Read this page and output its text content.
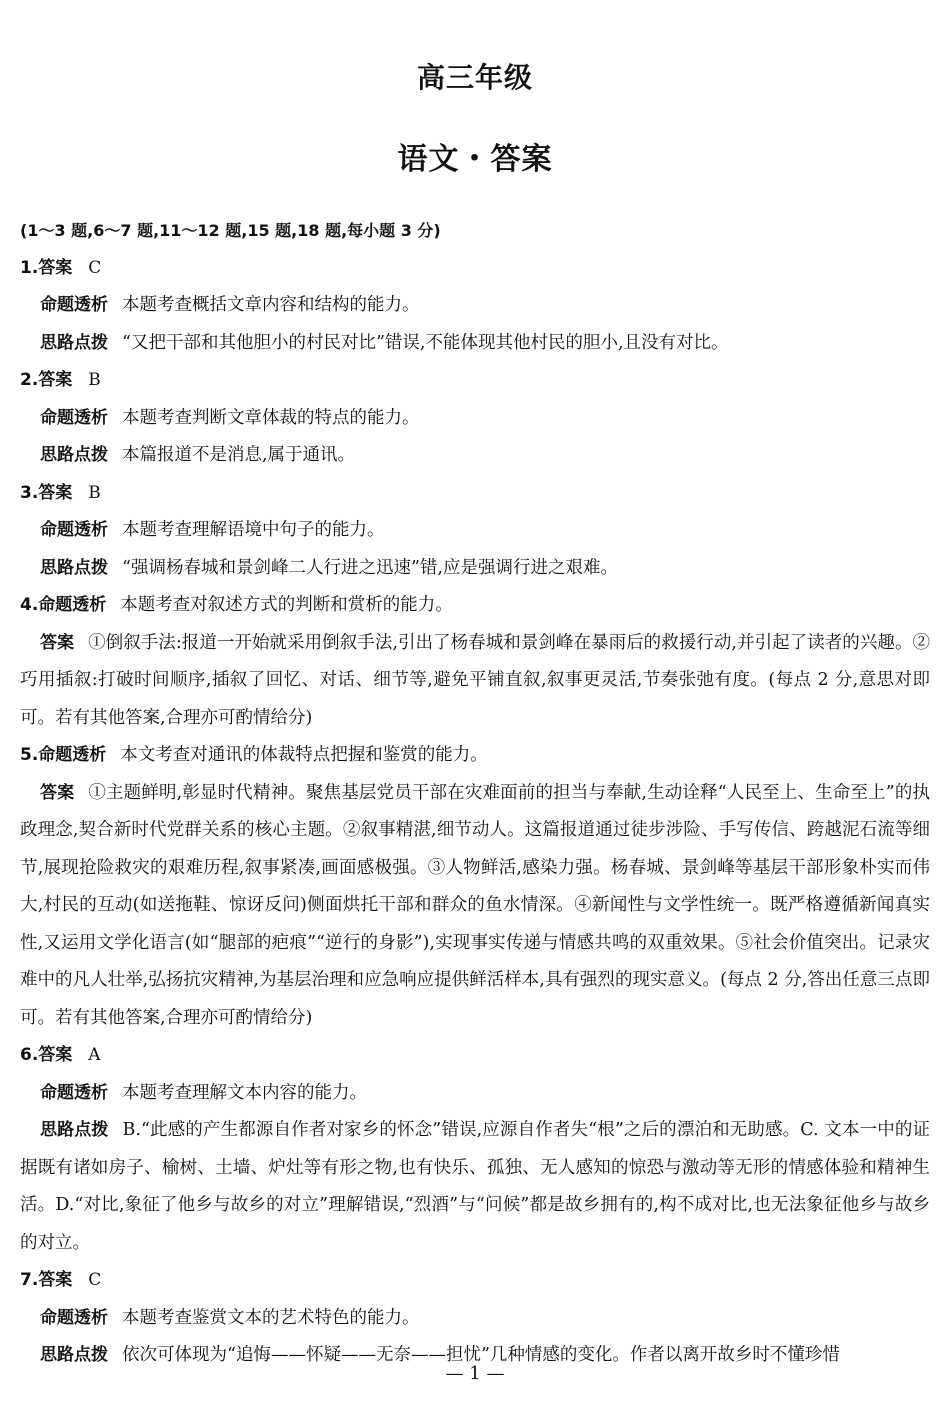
高三年级
语文・答案
(1～3 题,6～7 题,11～12 题,15 题,18 题,每小题 3 分)
1.答案 C
命题透析 本题考查概括文章内容和结构的能力。
思路点拨 “又把干部和其他胆小的村民对比”错误,不能体现其他村民的胆小,且没有对比。
2.答案 B
命题透析 本题考查判断文章体裁的特点的能力。
思路点拨 本篇报道不是消息,属于通讯。
3.答案 B
命题透析 本题考查理解语境中句子的能力。
思路点拨 “强调杨春城和景剑峰二人行进之迅速”错,应是强调行进之艰难。
4.命题透析 本题考查对叙述方式的判断和赏析的能力。
答案 ①倒叙手法:报道一开始就采用倒叙手法,引出了杨春城和景剑峰在暴雨后的救援行动,并引起了读者的兴趣。②巧用插叙:打破时间顺序,插叙了回忆、对话、细节等,避免平铺直叙,叙事更灵活,节奏张弛有度。(每点 2 分,意思对即可。若有其他答案,合理亦可酌情给分)
5.命题透析 本文考查对通讯的体裁特点把握和鉴赏的能力。
答案 ①主题鲜明,彰显时代精神。聚焦基层党员干部在灾难面前的担当与奉献,生动诠释“人民至上、生命至上”的执政理念,契合新时代党群关系的核心主题。②叙事精湛,细节动人。这篇报道通过徒步涉险、手写传信、跨越泥石流等细节,展现抢险救灾的艰难历程,叙事紧凑,画面感极强。③人物鲜活,感染力强。杨春城、景剑峰等基层干部形象朴实而伟大,村民的互动(如送拖鞋、惊讶反问)侧面烘托干部和群众的鱼水情深。④新闻性与文学性统一。既严格遵循新闻真实性,又运用文学化语言(如“腿部的疤痕”“逆行的身影”),实现事实传递与情感共鸣的双重效果。⑤社会价值突出。记录灾难中的凡人壮举,弘扬抗灾精神,为基层治理和应急响应提供鲜活样本,具有强烈的现实意义。(每点 2 分,答出任意三点即可。若有其他答案,合理亦可酌情给分)
6.答案 A
命题透析 本题考查理解文本内容的能力。
思路点拨 B.“此感的产生都源自作者对家乡的怀念”错误,应源自作者失“根”之后的漂泊和无助感。C. 文本一中的证据既有诸如房子、榆树、土墙、炉灶等有形之物,也有快乐、孤独、无人感知的惊恐与激动等无形的情感体验和精神生活。D.“对比,象征了他乡与故乡的对立”理解错误,“烈酒”与“问候”都是故乡拥有的,构不成对比,也无法象征他乡与故乡的对立。
7.答案 C
命题透析 本题考查鉴赏文本的艺术特色的能力。
思路点拨 依次可体现为“追悔——怀疑——无奈——担忧”几种情感的变化。作者以离开故乡时不懂珍惜
— 1 —
